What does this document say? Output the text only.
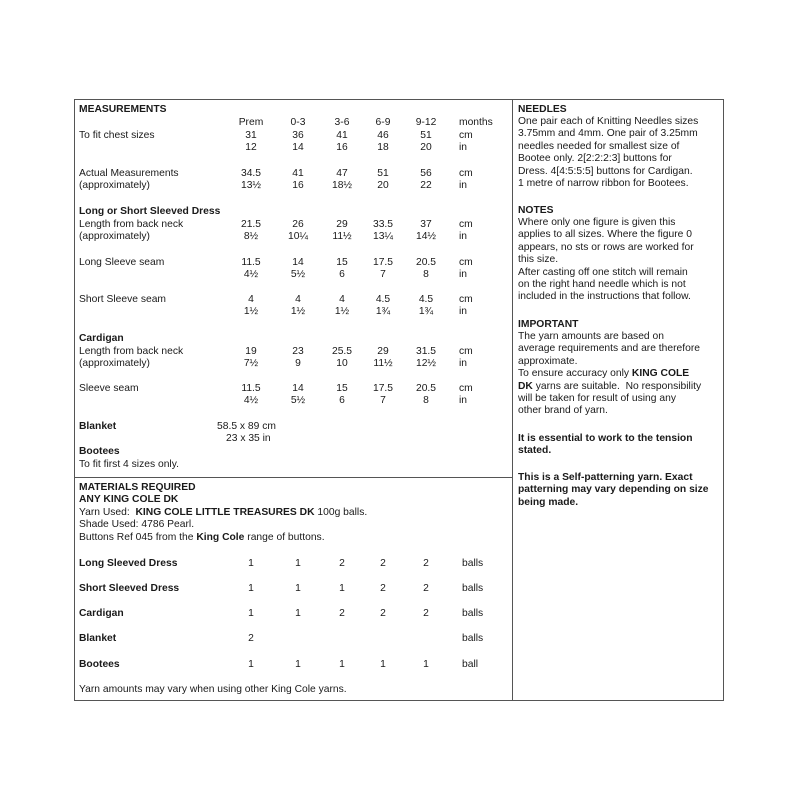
MEASUREMENTS
Prem	0-3	3-6	6-9	9-12	months
To fit chest sizes	31	36	41	46	51	cm
12	14	16	18	20	in
Actual Measurements
(approximately)
34.5	41	47	51	56	cm
13½	16	18½	20	22	in
Long or Short Sleeved Dress
Length from back neck
(approximately)
21.5	26	29	33.5	37	cm
8½	10¼	11½	13¼	14½	in
Long Sleeve seam	11.5	14	15	17.5	20.5	cm
4½	5½	6	7	8	in
Short Sleeve seam	4	4	4	4.5	4.5	cm
1½	1½	1½	1¾	1¾	in
Cardigan
Length from back neck
(approximately)
19	23	25.5	29	31.5	cm
7½	9	10	11½	12½	in
Sleeve seam	11.5	14	15	17.5	20.5	cm
4½	5½	6	7	8	in
Blanket	58.5 x 89 cm
23 x 35 in
Bootees
To fit first 4 sizes only.
MATERIALS REQUIRED
ANY KING COLE DK
Yarn Used:  KING COLE LITTLE TREASURES DK 100g balls.
Shade Used: 4786 Pearl.
Buttons Ref 045 from the King Cole range of buttons.
Long Sleeved Dress	1	1	2	2	2	balls
Short Sleeved Dress	1	1	1	2	2	balls
Cardigan	1	1	2	2	2	balls
Blanket	2	balls
Bootees	1	1	1	1	1	ball
Yarn amounts may vary when using other King Cole yarns.
NEEDLES
One pair each of Knitting Needles sizes
3.75mm and 4mm. One pair of 3.25mm
needles needed for smallest size of
Bootee only. 2[2:2:2:3] buttons for
Dress. 4[4:5:5:5] buttons for Cardigan.
1 metre of narrow ribbon for Bootees.
NOTES
Where only one figure is given this
applies to all sizes. Where the figure 0
appears, no sts or rows are worked for
this size.
After casting off one stitch will remain
on the right hand needle which is not
included in the instructions that follow.
IMPORTANT
The yarn amounts are based on
average requirements and are therefore
approximate.
To ensure accuracy only KING COLE
DK yarns are suitable.  No responsibility
will be taken for result of using any
other brand of yarn.
It is essential to work to the tension
stated.
This is a Self-patterning yarn. Exact
patterning may vary depending on size
being made.
